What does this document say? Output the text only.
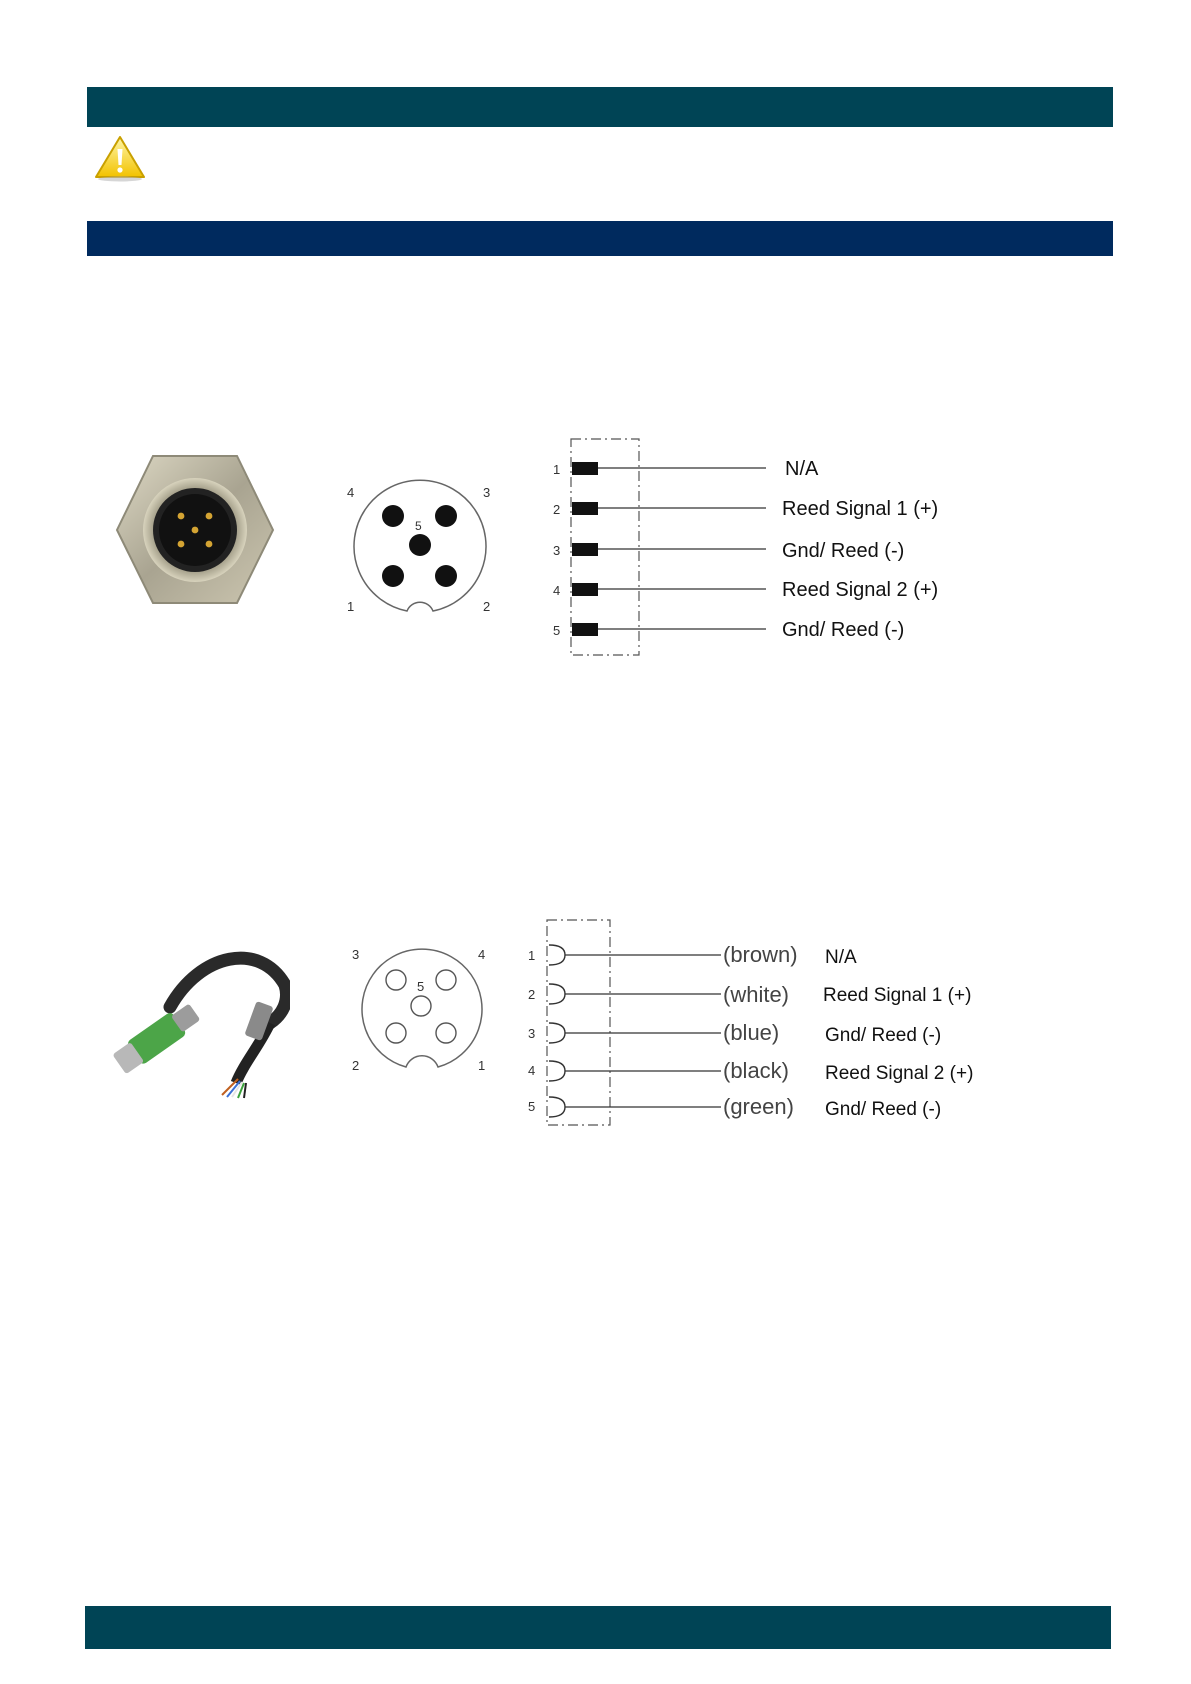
4	3
5
1	2
1	N/A
2	Reed Signal 1 (+)
3	Gnd/ Reed (-)
4	Reed Signal 2 (+)
5	Gnd/ Reed (-)
3	4
5
2	1
1	(brown) N/A
2	(white) Reed Signal 1 (+)
3	(blue) Gnd/ Reed (-)
4	(black) Reed Signal 2 (+)
5	(green) Gnd/ Reed (-)
